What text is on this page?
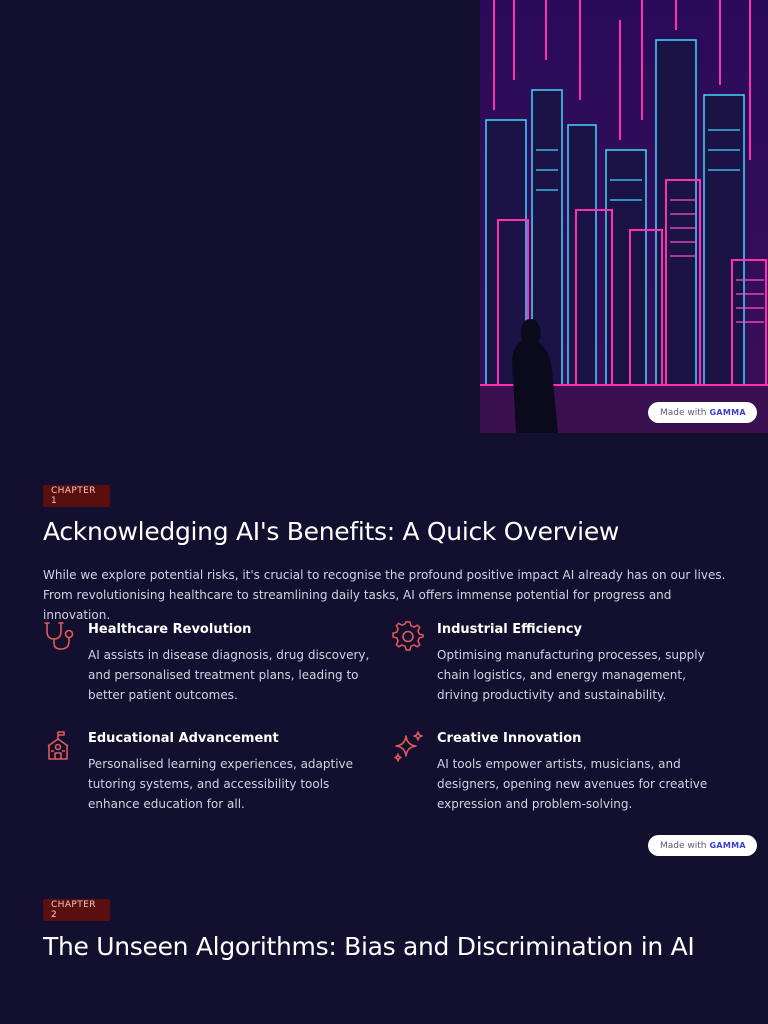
Made with GAMMA
CHAPTER 1
Acknowledging AI's Benefits: A Quick Overview

While we explore potential risks, it's crucial to recognise the profound positive impact AI already has on our lives. From revolutionising healthcare to streamlining daily tasks, AI offers immense potential for progress and innovation.

Healthcare Revolution
AI assists in disease diagnosis, drug discovery, and personalised treatment plans, leading to better patient outcomes.
Industrial Efficiency
Optimising manufacturing processes, supply chain logistics, and energy management, driving productivity and sustainability.
Educational Advancement
Personalised learning experiences, adaptive tutoring systems, and accessibility tools enhance education for all.
Creative Innovation
AI tools empower artists, musicians, and designers, opening new avenues for creative expression and problem-solving.
Made with GAMMA
CHAPTER 2
The Unseen Algorithms: Bias and Discrimination in AI
